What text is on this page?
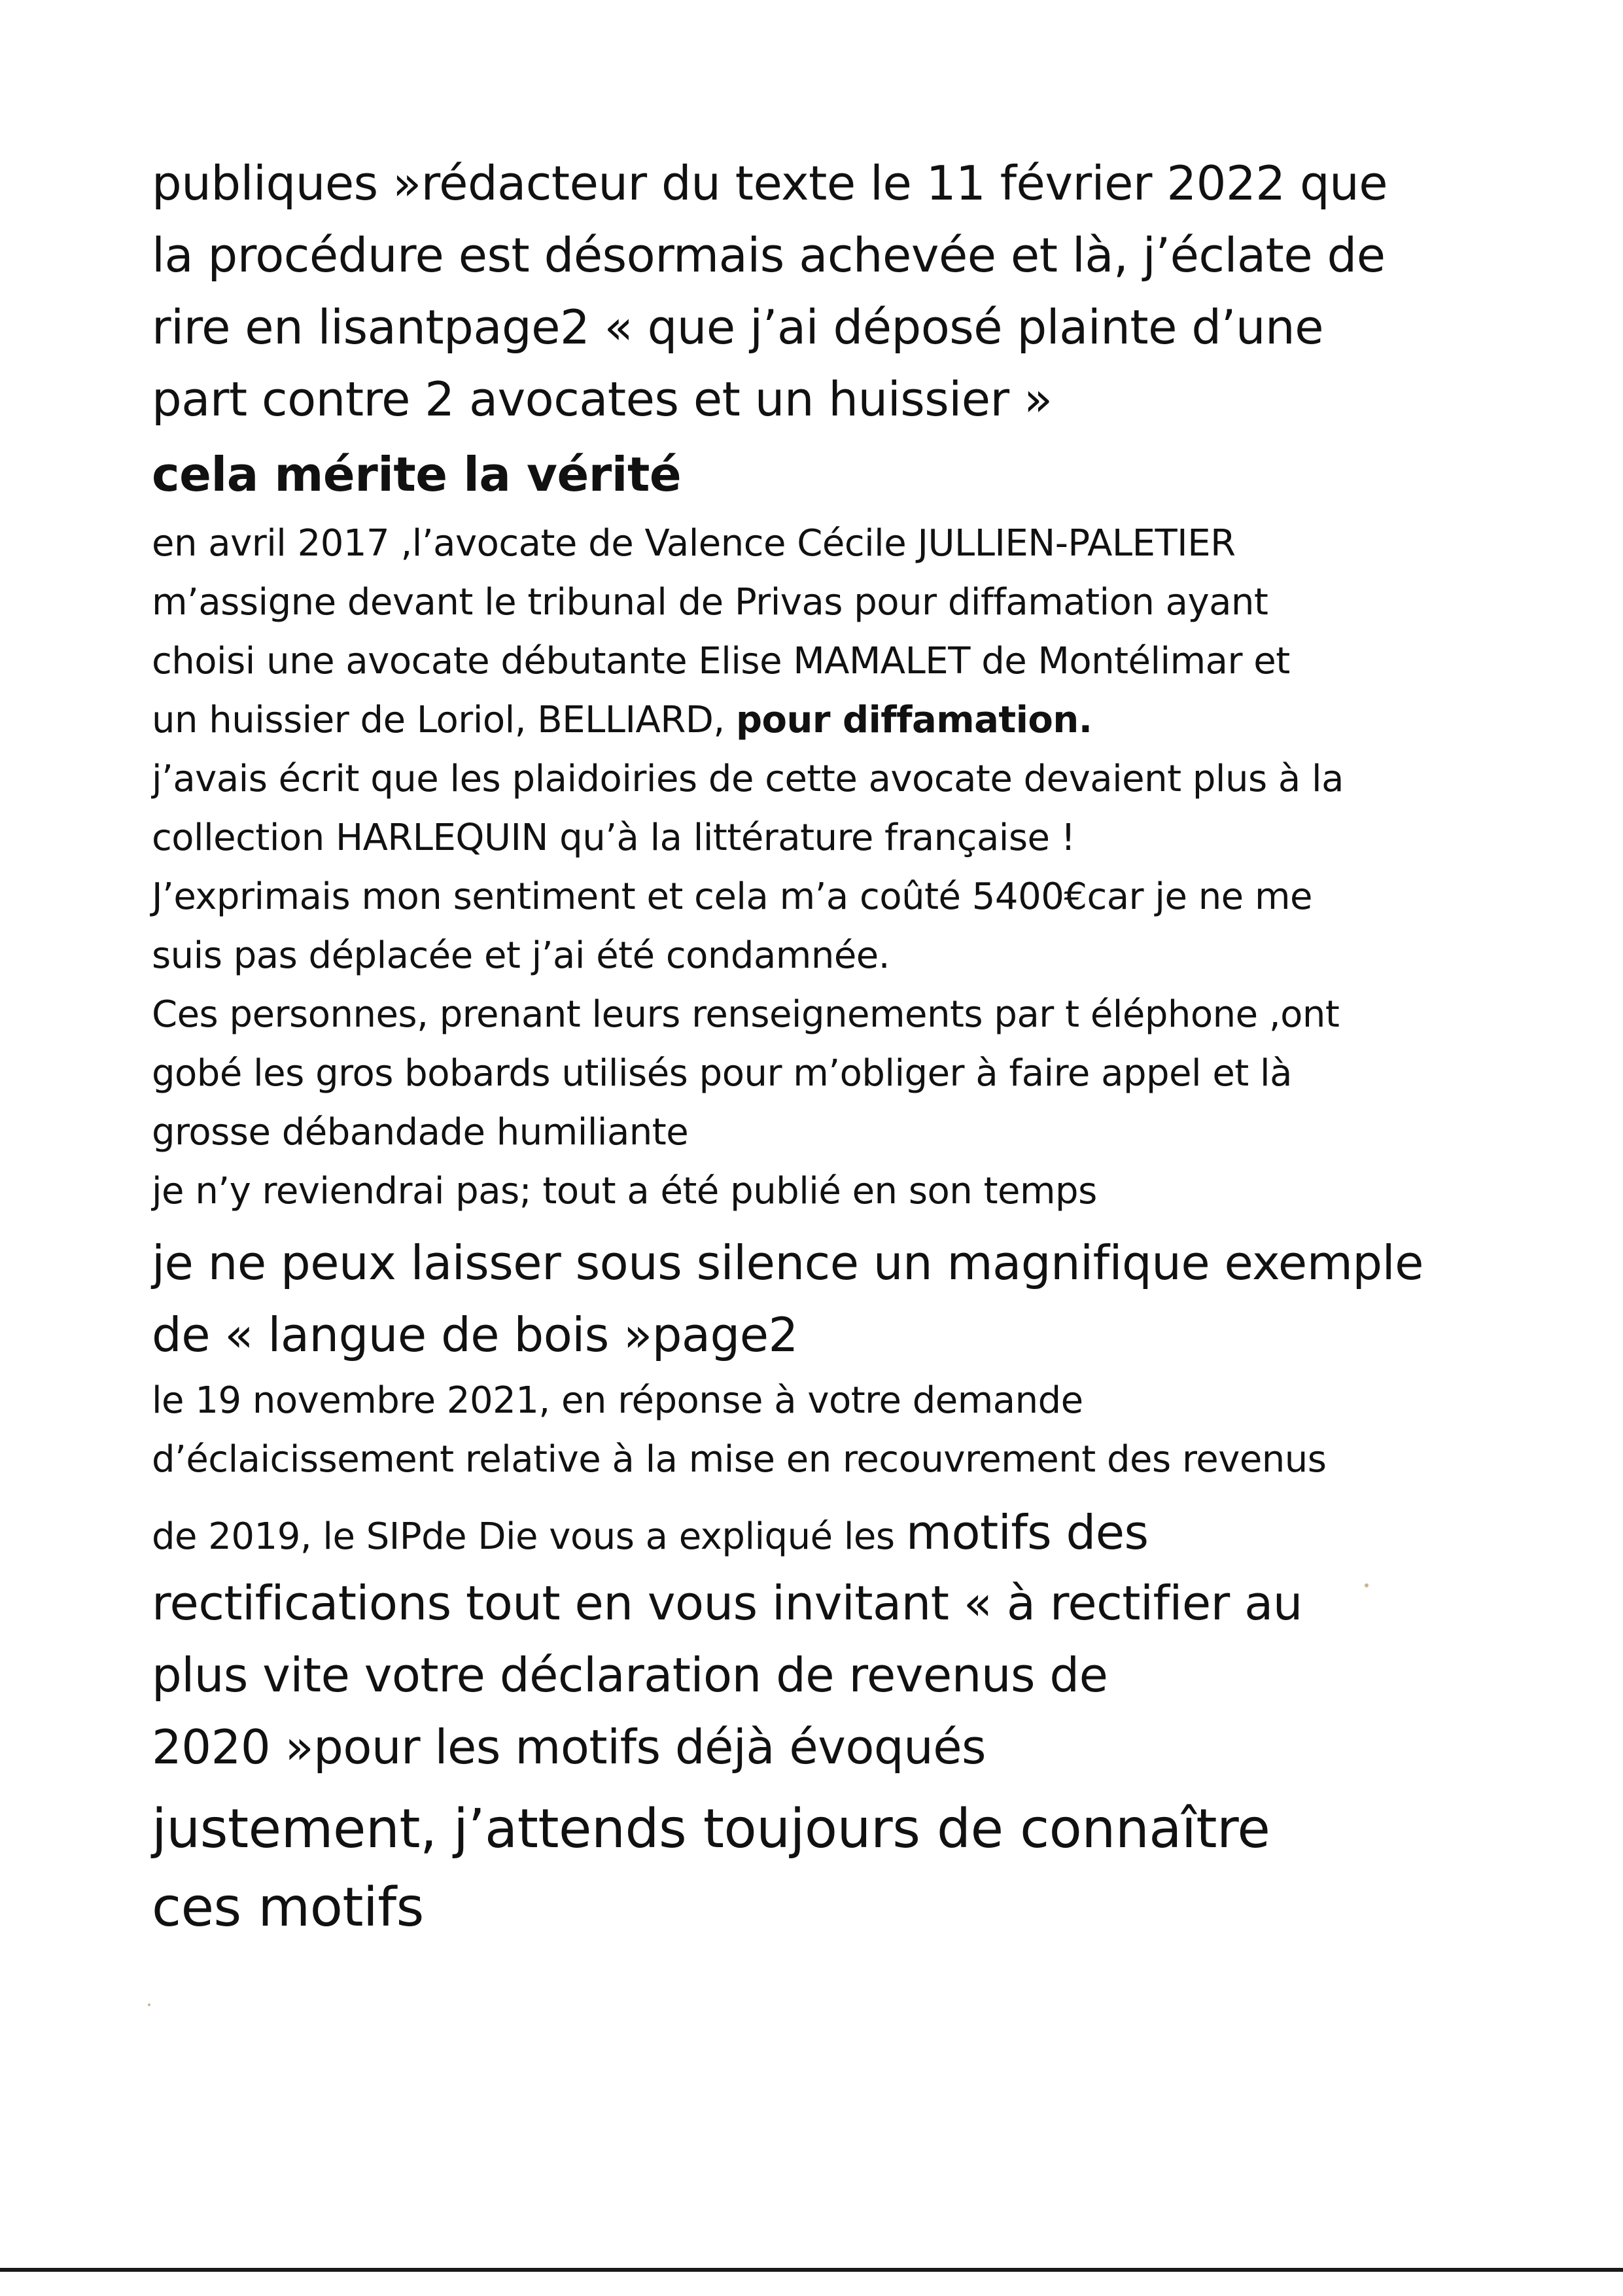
publiques »rédacteur du texte le 11 février 2022 que
la procédure est désormais achevée et là, j’éclate de
rire en lisantpage2 « que j’ai déposé plainte d’une
part contre 2 avocates et un huissier »
cela mérite la vérité
en avril 2017 ,l’avocate de Valence Cécile JULLIEN-PALETIER
m’assigne devant le tribunal de Privas pour diffamation ayant
choisi une avocate débutante Elise MAMALET de Montélimar et
un huissier de Loriol, BELLIARD, pour diffamation.
j’avais écrit que les plaidoiries de cette avocate devaient plus à la
collection HARLEQUIN qu’à la littérature française !
J’exprimais mon sentiment et cela m’a coûté 5400€car je ne me
suis pas déplacée et j’ai été condamnée.
Ces personnes, prenant leurs renseignements par t éléphone ,ont
gobé les gros bobards utilisés pour m’obliger à faire appel et là
grosse débandade humiliante
je n’y reviendrai pas; tout a été publié en son temps
je ne peux laisser sous silence un magnifique exemple
de « langue de bois »page2
le 19 novembre 2021, en réponse à votre demande
d’éclaicissement relative à la mise en recouvrement des revenus
de 2019, le SIPde Die vous a expliqué les motifs des
rectifications tout en vous invitant « à rectifier au
plus vite votre déclaration de revenus de
2020 »pour les motifs déjà évoqués
justement, j’attends toujours de connaître
ces motifs
